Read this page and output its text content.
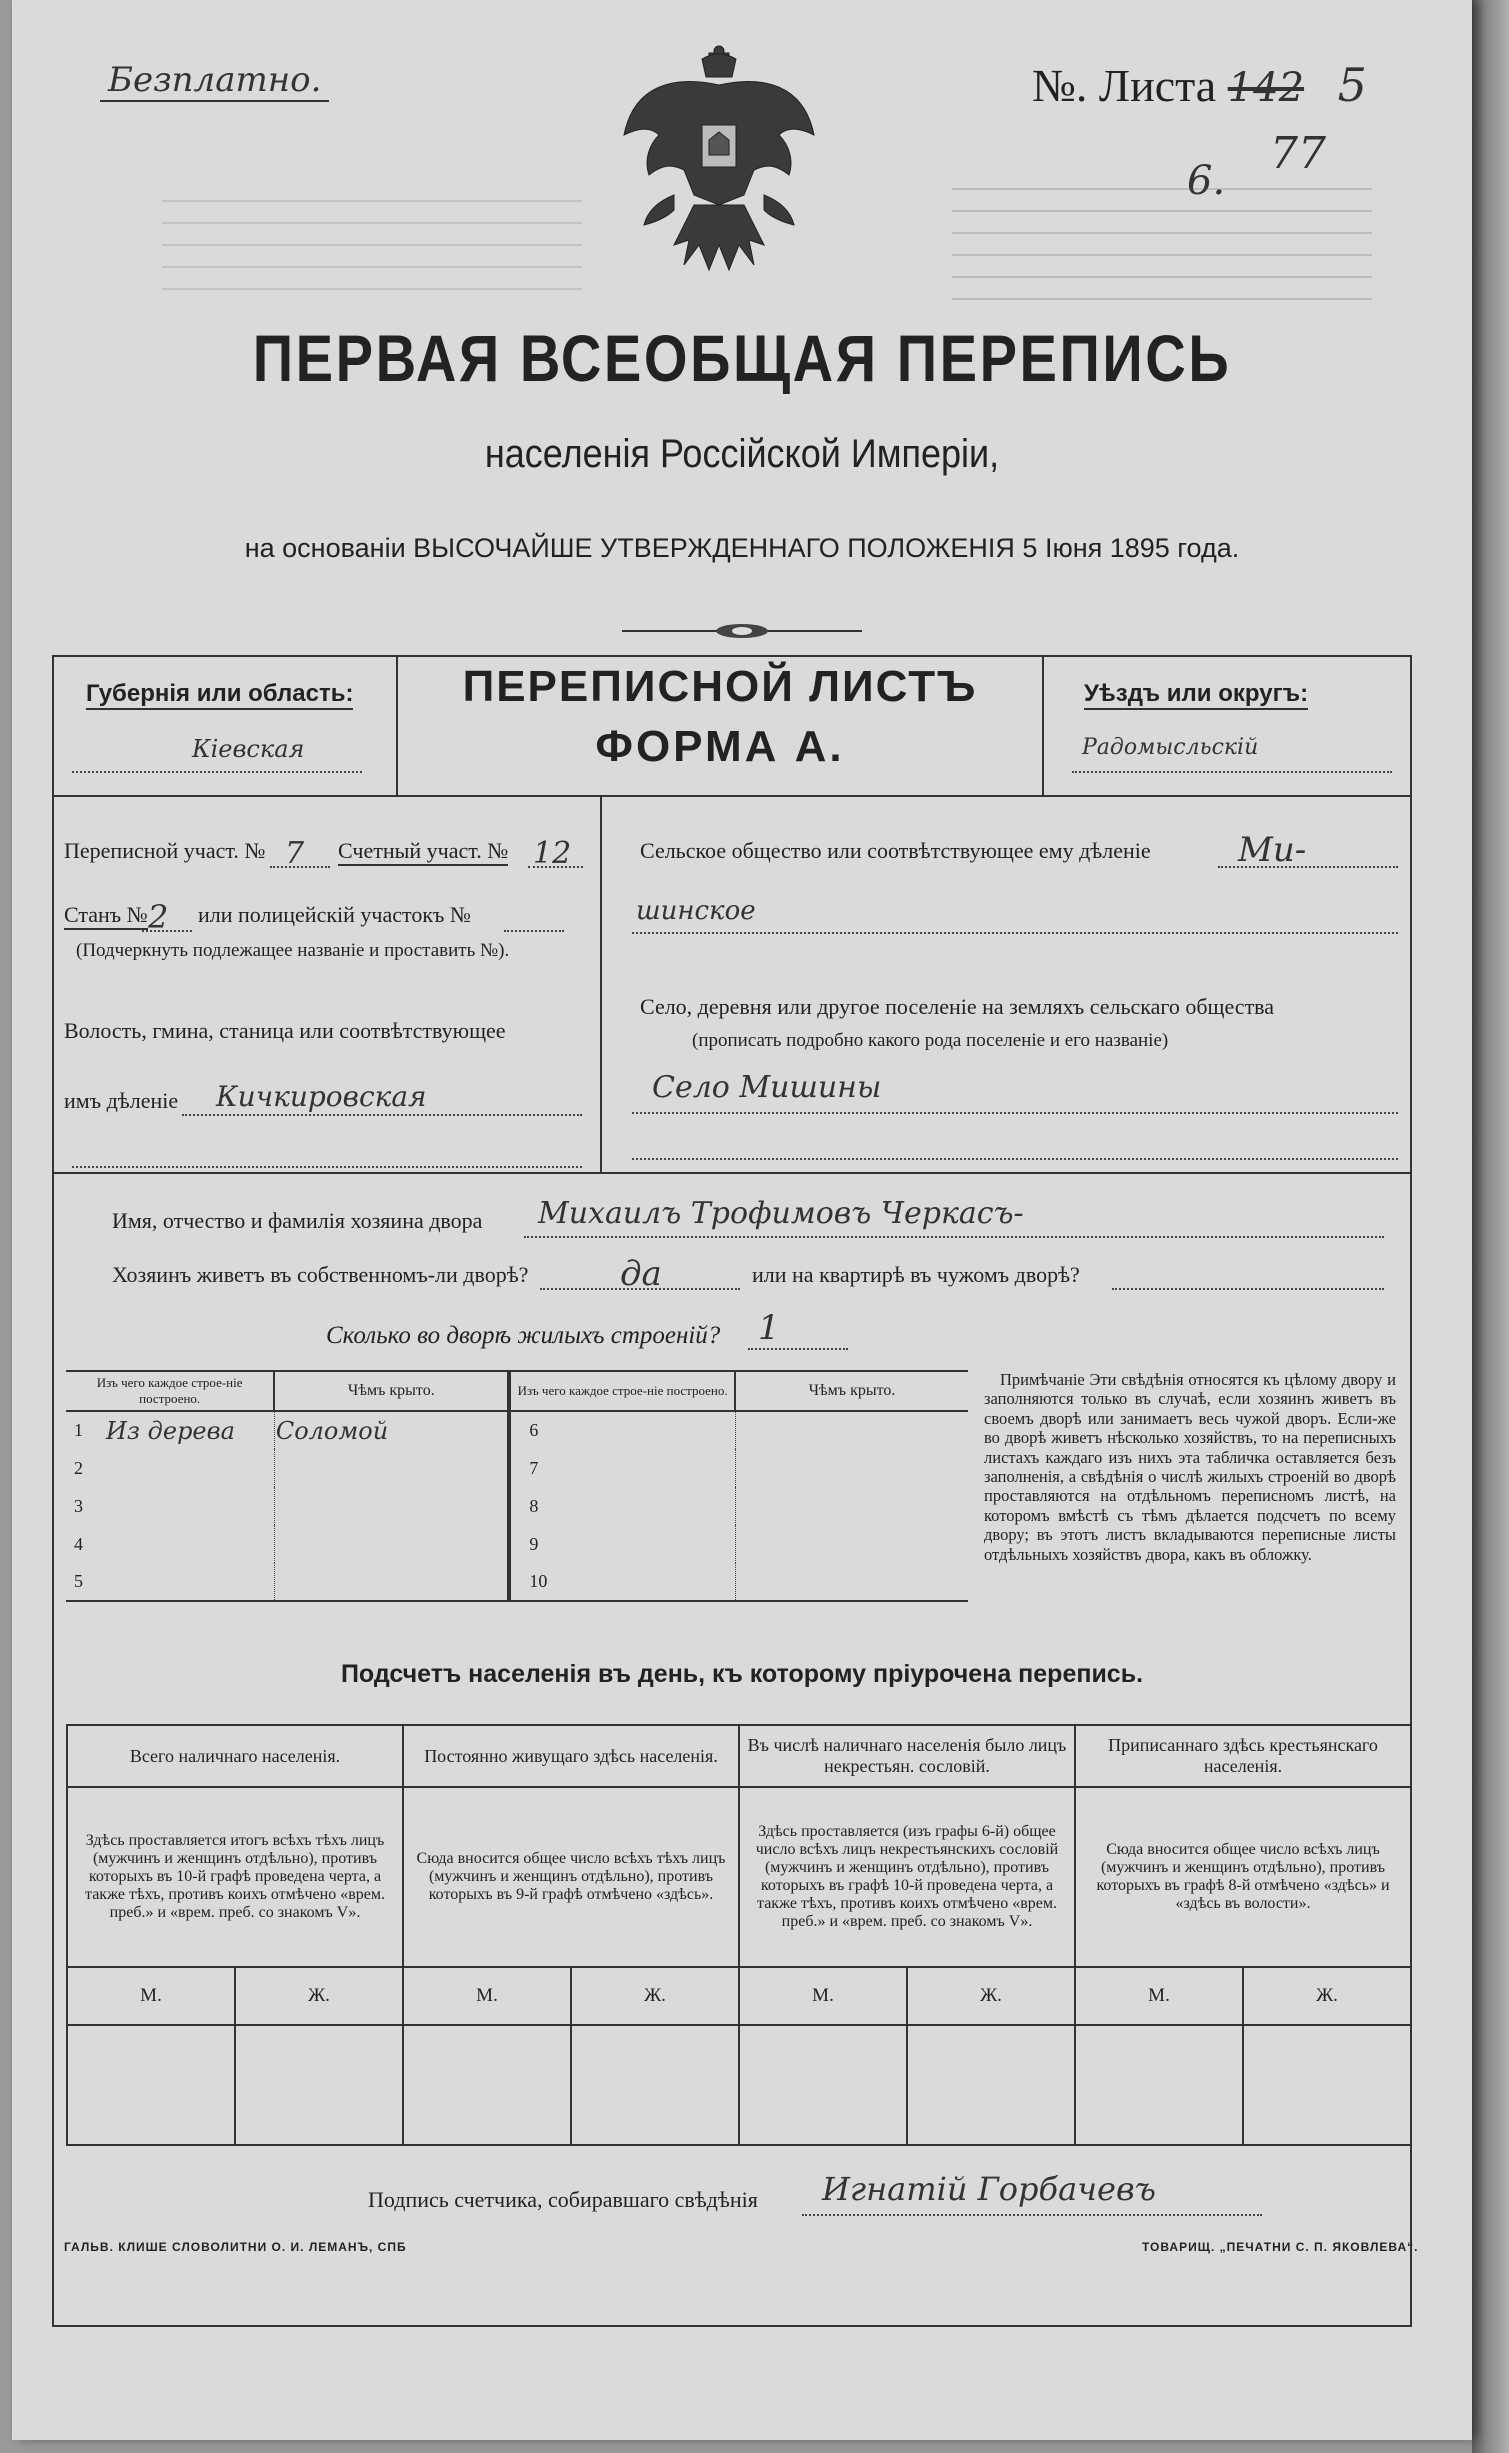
Безплатно.	№. Листа 142 5
6.
77
ПЕРВАЯ ВСЕОБЩАЯ ПЕРЕПИСЬ
населенія Россійской Имперіи,
на основаніи ВЫСОЧАЙШЕ УТВЕРЖДЕННАГО ПОЛОЖЕНІЯ 5 Іюня 1895 года.
Губернія или область:
Кіевская
ПЕРЕПИСНОЙ ЛИСТЪ
ФОРМА А.
Уѣздъ или округъ:
Радомысльскій
Переписной участ. № 7	Счетный участ. № 12
Станъ № 2	или полицейскій участокъ №
(Подчеркнуть подлежащее названіе и проставить №).
Волость, гмина, станица или соотвѣтствующее
имъ дѣленіе	Кичкировская
Сельское общество или соотвѣтствующее ему дѣленіе	Ми-
шинское
Село, деревня или другое поселеніе на земляхъ сельскаго общества
(прописать подробно какого рода поселеніе и его названіе)
Село Мишины
Имя, отчество и фамилія хозяина двора	Михаилъ Трофимовъ Черкасъ-
Хозяинъ живетъ въ собственномъ-ли дворѣ?	да	или на квартирѣ въ чужомъ дворѣ?
Сколько во дворѣ жилыхъ строеній? 1
Изъ чего каждое строе-ніе построено.		Чѣмъ крыто.	Изъ чего каждое строе-ніе построено.		Чѣмъ крыто.
1	Из дерева	Соломой	6		
2			7		
3			8		
4			9		
5			10		
Примѣчаніе Эти свѣдѣнія относятся къ цѣлому двору и заполняются только въ случаѣ, если хозяинъ живетъ въ своемъ дворѣ или занимаетъ весь чужой дворъ. Если-же во дворѣ живетъ нѣсколько хозяйствъ, то на переписныхъ листахъ каждаго изъ нихъ эта табличка оставляется безъ заполненія, а свѣдѣнія о числѣ жилыхъ строеній во дворѣ проставляются на отдѣльномъ переписномъ листѣ, на которомъ вмѣстѣ съ тѣмъ дѣлается подсчетъ по всему двору; въ этотъ листъ вкладываются переписные листы отдѣльныхъ хозяйствъ двора, какъ въ обложку.
Подсчетъ населенія въ день, къ которому пріурочена перепись.
Всего наличнаго населенія.		Постоянно живущаго здѣсь населенія.		Въ числѣ наличнаго населенія было лицъ некрестьян. сословій.		Приписаннаго здѣсь крестьянскаго населенія.	
Здѣсь проставляется итогъ всѣхъ тѣхъ лицъ (мужчинъ и женщинъ отдѣльно), противъ которыхъ въ 10-й графѣ проведена черта, а также тѣхъ, противъ коихъ отмѣчено «врем. преб.» и «врем. преб. со знакомъ V».		Сюда вносится общее число всѣхъ тѣхъ лицъ (мужчинъ и женщинъ отдѣльно), противъ которыхъ въ 9-й графѣ отмѣчено «здѣсь».		Здѣсь проставляется (изъ графы 6-й) общее число всѣхъ лицъ некрестьянскихъ сословій (мужчинъ и женщинъ отдѣльно), противъ которыхъ въ графѣ 10-й проведена черта, а также тѣхъ, противъ коихъ отмѣчено «врем. преб.» и «врем. преб. со знакомъ V».		Сюда вносится общее число всѣхъ лицъ (мужчинъ и женщинъ отдѣльно), противъ которыхъ въ графѣ 8-й отмѣчено «здѣсь» и «здѣсь въ волости».	
М.	Ж.	М.	Ж.	М.	Ж.	М.	Ж.

Подпись счетчика, собиравшаго свѣдѣнія	Игнатій Горбачевъ
ГАЛЬВ. КЛИШЕ СЛОВОЛИТНИ О. И. ЛЕМАНЪ, СПБ	ТОВАРИЩ. „ПЕЧАТНИ С. П. ЯКОВЛЕВА“.
